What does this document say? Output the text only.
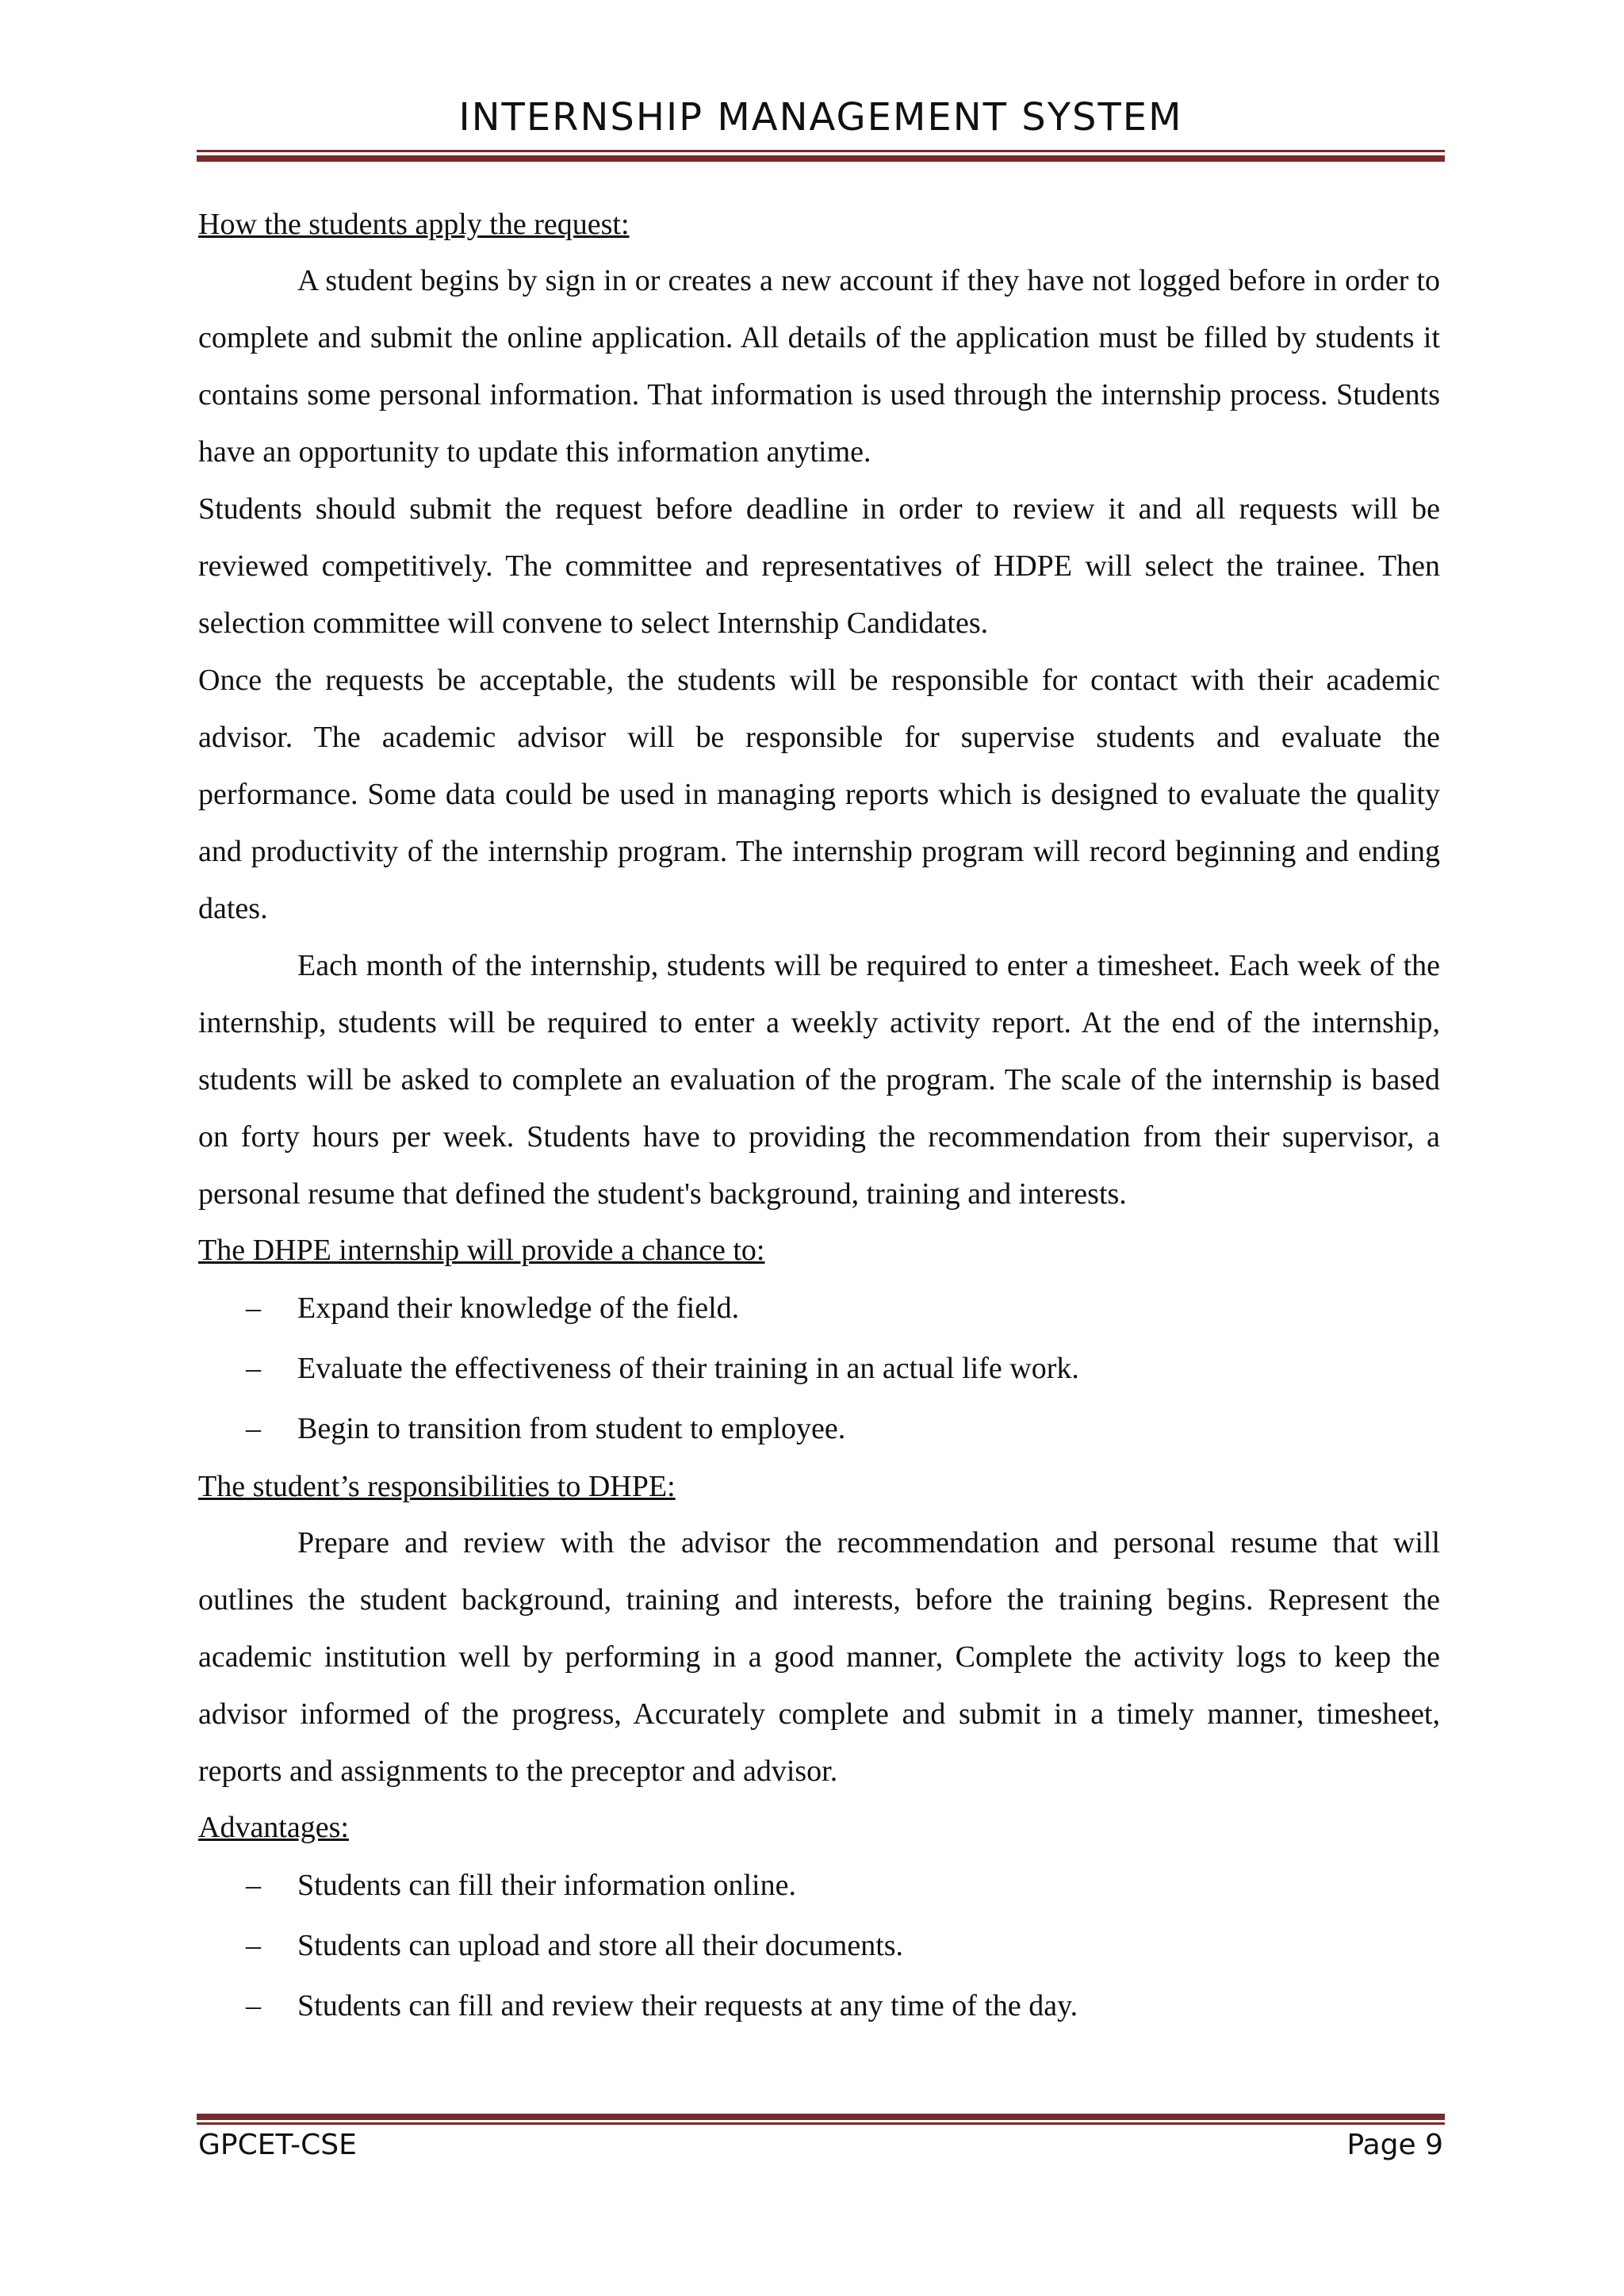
INTERNSHIP MANAGEMENT SYSTEM

How the students apply the request:

A student begins by sign in or creates a new account if they have not logged before in order to complete and submit the online application. All details of the application must be filled by students it contains some personal information. That information is used through the internship process. Students have an opportunity to update this information anytime.

Students should submit the request before deadline in order to review it and all requests will be reviewed competitively. The committee and representatives of HDPE will select the trainee. Then selection committee will convene to select Internship Candidates.

Once the requests be acceptable, the students will be responsible for contact with their academic advisor. The academic advisor will be responsible for supervise students and evaluate the performance. Some data could be used in managing reports which is designed to evaluate the quality and productivity of the internship program. The internship program will record beginning and ending dates.

Each month of the internship, students will be required to enter a timesheet. Each week of the internship, students will be required to enter a weekly activity report. At the end of the internship, students will be asked to complete an evaluation of the program. The scale of the internship is based on forty hours per week. Students have to providing the recommendation from their supervisor, a personal resume that defined the student's background, training and interests.

The DHPE internship will provide a chance to:

– Expand their knowledge of the field.
– Evaluate the effectiveness of their training in an actual life work.
– Begin to transition from student to employee.

The student’s responsibilities to DHPE:

Prepare and review with the advisor the recommendation and personal resume that will outlines the student background, training and interests, before the training begins. Represent the academic institution well by performing in a good manner, Complete the activity logs to keep the advisor informed of the progress, Accurately complete and submit in a timely manner, timesheet, reports and assignments to the preceptor and advisor.

Advantages:

– Students can fill their information online.
– Students can upload and store all their documents.
– Students can fill and review their requests at any time of the day.
GPCET-CSE	Page 9
